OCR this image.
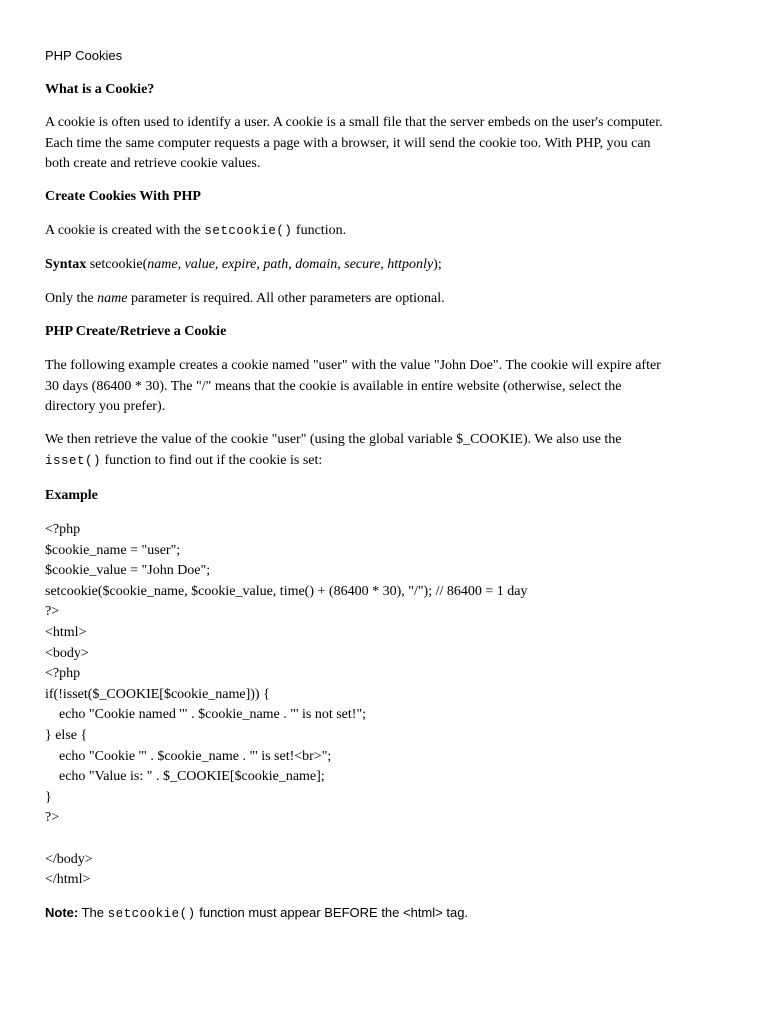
PHP Cookies
What is a Cookie?
A cookie is often used to identify a user. A cookie is a small file that the server embeds on the user's computer.
Each time the same computer requests a page with a browser, it will send the cookie too. With PHP, you can
both create and retrieve cookie values.
Create Cookies With PHP
A cookie is created with the setcookie() function.
Syntax setcookie(name, value, expire, path, domain, secure, httponly);
Only the name parameter is required. All other parameters are optional.
PHP Create/Retrieve a Cookie
The following example creates a cookie named "user" with the value "John Doe". The cookie will expire after
30 days (86400 * 30). The "/" means that the cookie is available in entire website (otherwise, select the
directory you prefer).
We then retrieve the value of the cookie "user" (using the global variable $_COOKIE). We also use the
isset() function to find out if the cookie is set:
Example
<?php
$cookie_name = "user";
$cookie_value = "John Doe";
setcookie($cookie_name, $cookie_value, time() + (86400 * 30), "/"); // 86400 = 1 day
?>
<html>
<body>
<?php
if(!isset($_COOKIE[$cookie_name])) {
echo "Cookie named '" . $cookie_name . "' is not set!";
} else {
echo "Cookie '" . $cookie_name . "' is set!<br>";
echo "Value is: " . $_COOKIE[$cookie_name];
}
?>
</body>
</html>
Note: The setcookie() function must appear BEFORE the <html> tag.
